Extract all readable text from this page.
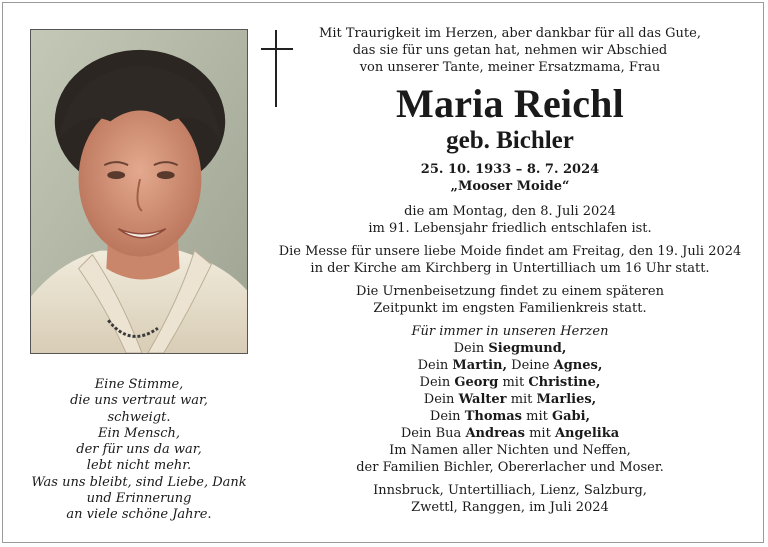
Eine Stimme,
die uns vertraut war,
schweigt.
Ein Mensch,
der für uns da war,
lebt nicht mehr.
Was uns bleibt, sind Liebe, Dank
und Erinnerung
an viele schöne Jahre.
Mit Traurigkeit im Herzen, aber dankbar für all das Gute,
das sie für uns getan hat, nehmen wir Abschied
von unserer Tante, meiner Ersatzmama, Frau
Maria Reichl
geb. Bichler
25. 10. 1933 – 8. 7. 2024
„Mooser Moide“
die am Montag, den 8. Juli 2024
im 91. Lebensjahr friedlich entschlafen ist.
Die Messe für unsere liebe Moide findet am Freitag, den 19. Juli 2024
in der Kirche am Kirchberg in Untertilliach um 16 Uhr statt.
Die Urnenbeisetzung findet zu einem späteren
Zeitpunkt im engsten Familienkreis statt.
Für immer in unseren Herzen
Dein Siegmund,
Dein Martin, Deine Agnes,
Dein Georg mit Christine,
Dein Walter mit Marlies,
Dein Thomas mit Gabi,
Dein Bua Andreas mit Angelika
Im Namen aller Nichten und Neffen,
der Familien Bichler, Obererlacher und Moser.
Innsbruck, Untertilliach, Lienz, Salzburg,
Zwettl, Ranggen, im Juli 2024
